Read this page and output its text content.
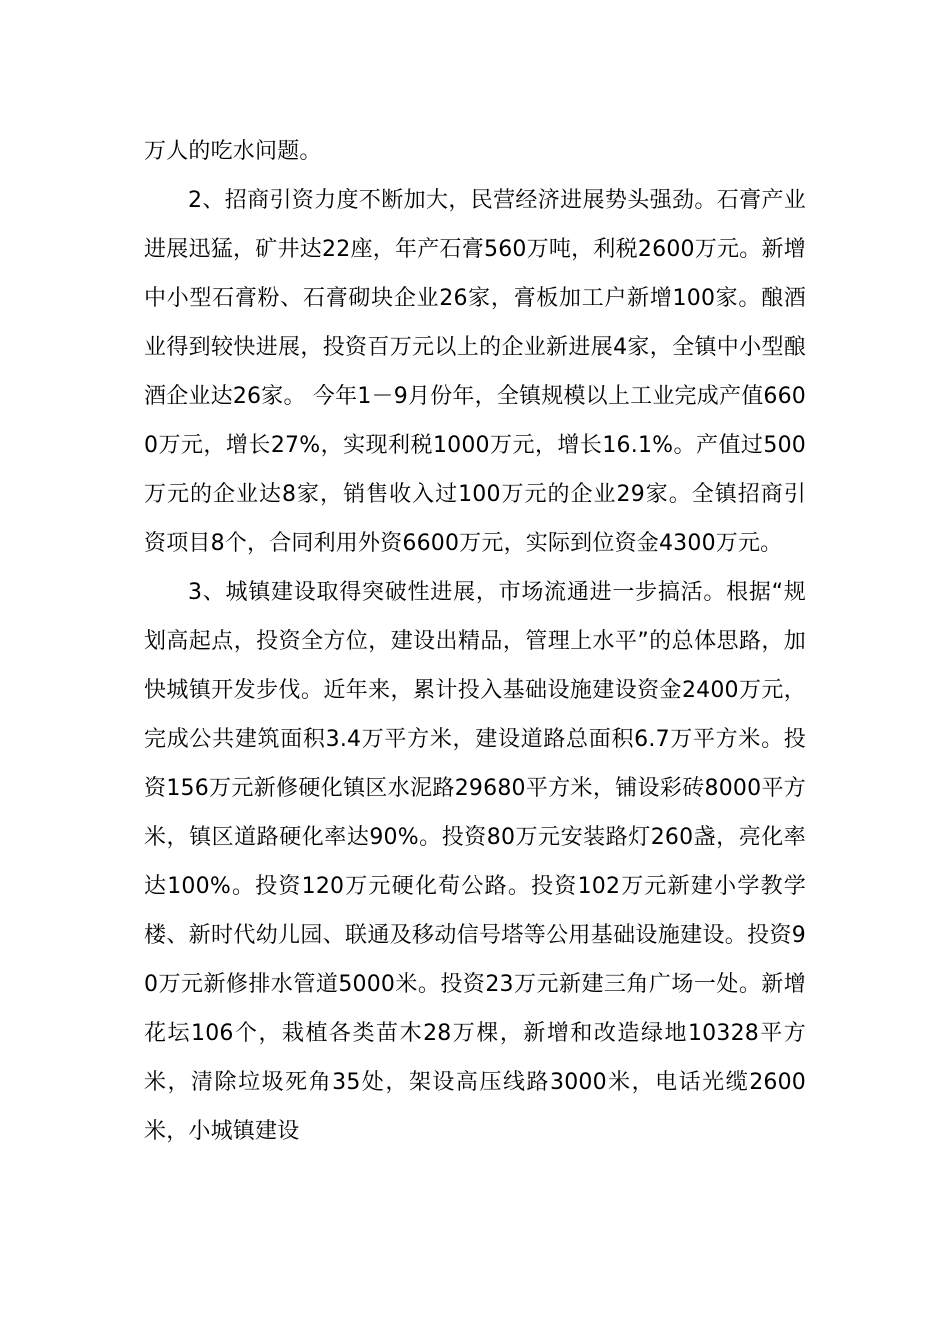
万人的吃水问题。

2、招商引资力度不断加大，民营经济进展势头强劲。石膏产业进展迅猛，矿井达22座，年产石膏560万吨，利税2600万元。新增中小型石膏粉、石膏砌块企业26家，膏板加工户新增100家。酿酒业得到较快进展，投资百万元以上的企业新进展4家，全镇中小型酿酒企业达26家。 今年1－9月份年，全镇规模以上工业完成产值6600万元，增长27%，实现利税1000万元，增长16.1%。产值过500万元的企业达8家，销售收入过100万元的企业29家。全镇招商引资项目8个，合同利用外资6600万元，实际到位资金4300万元。

3、城镇建设取得突破性进展，市场流通进一步搞活。根据“规划高起点，投资全方位，建设出精品，管理上水平”的总体思路，加快城镇开发步伐。近年来，累计投入基础设施建设资金2400万元，完成公共建筑面积3.4万平方米，建设道路总面积6.7万平方米。投资156万元新修硬化镇区水泥路29680平方米，铺设彩砖8000平方米，镇区道路硬化率达90%。投资80万元安装路灯260盏，亮化率达100%。投资120万元硬化荀公路。投资102万元新建小学教学楼、新时代幼儿园、联通及移动信号塔等公用基础设施建设。投资90万元新修排水管道5000米。投资23万元新建三角广场一处。新增花坛106个，栽植各类苗木28万棵，新增和改造绿地10328平方米，清除垃圾死角35处，架设高压线路3000米，电话光缆2600米，小城镇建设
